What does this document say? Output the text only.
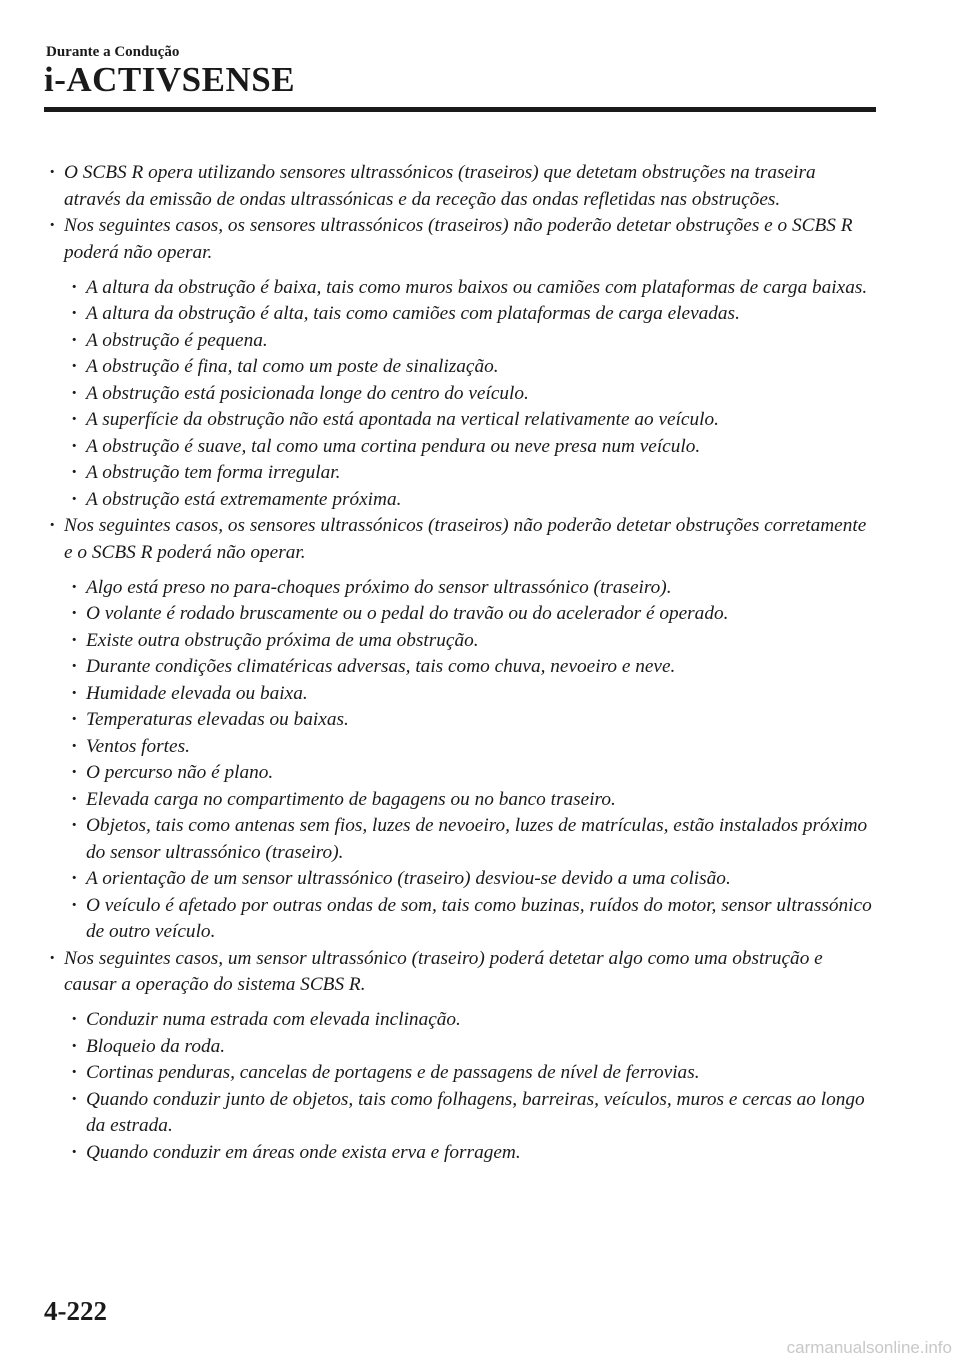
Durante a Condução
i-ACTIVSENSE

· O SCBS R opera utilizando sensores ultrassónicos (traseiros) que detetam obstruções na traseira através da emissão de ondas ultrassónicas e da receção das ondas refletidas nas obstruções.

· Nos seguintes casos, os sensores ultrassónicos (traseiros) não poderão detetar obstruções e o SCBS R poderá não operar.

· A altura da obstrução é baixa, tais como muros baixos ou camiões com plataformas de carga baixas.

· A altura da obstrução é alta, tais como camiões com plataformas de carga elevadas.

· A obstrução é pequena.

· A obstrução é fina, tal como um poste de sinalização.

· A obstrução está posicionada longe do centro do veículo.

· A superfície da obstrução não está apontada na vertical relativamente ao veículo.

· A obstrução é suave, tal como uma cortina pendura ou neve presa num veículo.

· A obstrução tem forma irregular.

· A obstrução está extremamente próxima.

· Nos seguintes casos, os sensores ultrassónicos (traseiros) não poderão detetar obstruções corretamente e o SCBS R poderá não operar.

· Algo está preso no para-choques próximo do sensor ultrassónico (traseiro).

· O volante é rodado bruscamente ou o pedal do travão ou do acelerador é operado.

· Existe outra obstrução próxima de uma obstrução.

· Durante condições climatéricas adversas, tais como chuva, nevoeiro e neve.

· Humidade elevada ou baixa.

· Temperaturas elevadas ou baixas.

· Ventos fortes.

· O percurso não é plano.

· Elevada carga no compartimento de bagagens ou no banco traseiro.

· Objetos, tais como antenas sem fios, luzes de nevoeiro, luzes de matrículas, estão instalados próximo do sensor ultrassónico (traseiro).

· A orientação de um sensor ultrassónico (traseiro) desviou-se devido a uma colisão.

· O veículo é afetado por outras ondas de som, tais como buzinas, ruídos do motor, sensor ultrassónico de outro veículo.

· Nos seguintes casos, um sensor ultrassónico (traseiro) poderá detetar algo como uma obstrução e causar a operação do sistema SCBS R.

· Conduzir numa estrada com elevada inclinação.

· Bloqueio da roda.

· Cortinas penduras, cancelas de portagens e de passagens de nível de ferrovias.

· Quando conduzir junto de objetos, tais como folhagens, barreiras, veículos, muros e cercas ao longo da estrada.

· Quando conduzir em áreas onde exista erva e forragem.

4-222
carmanualsonline.info
